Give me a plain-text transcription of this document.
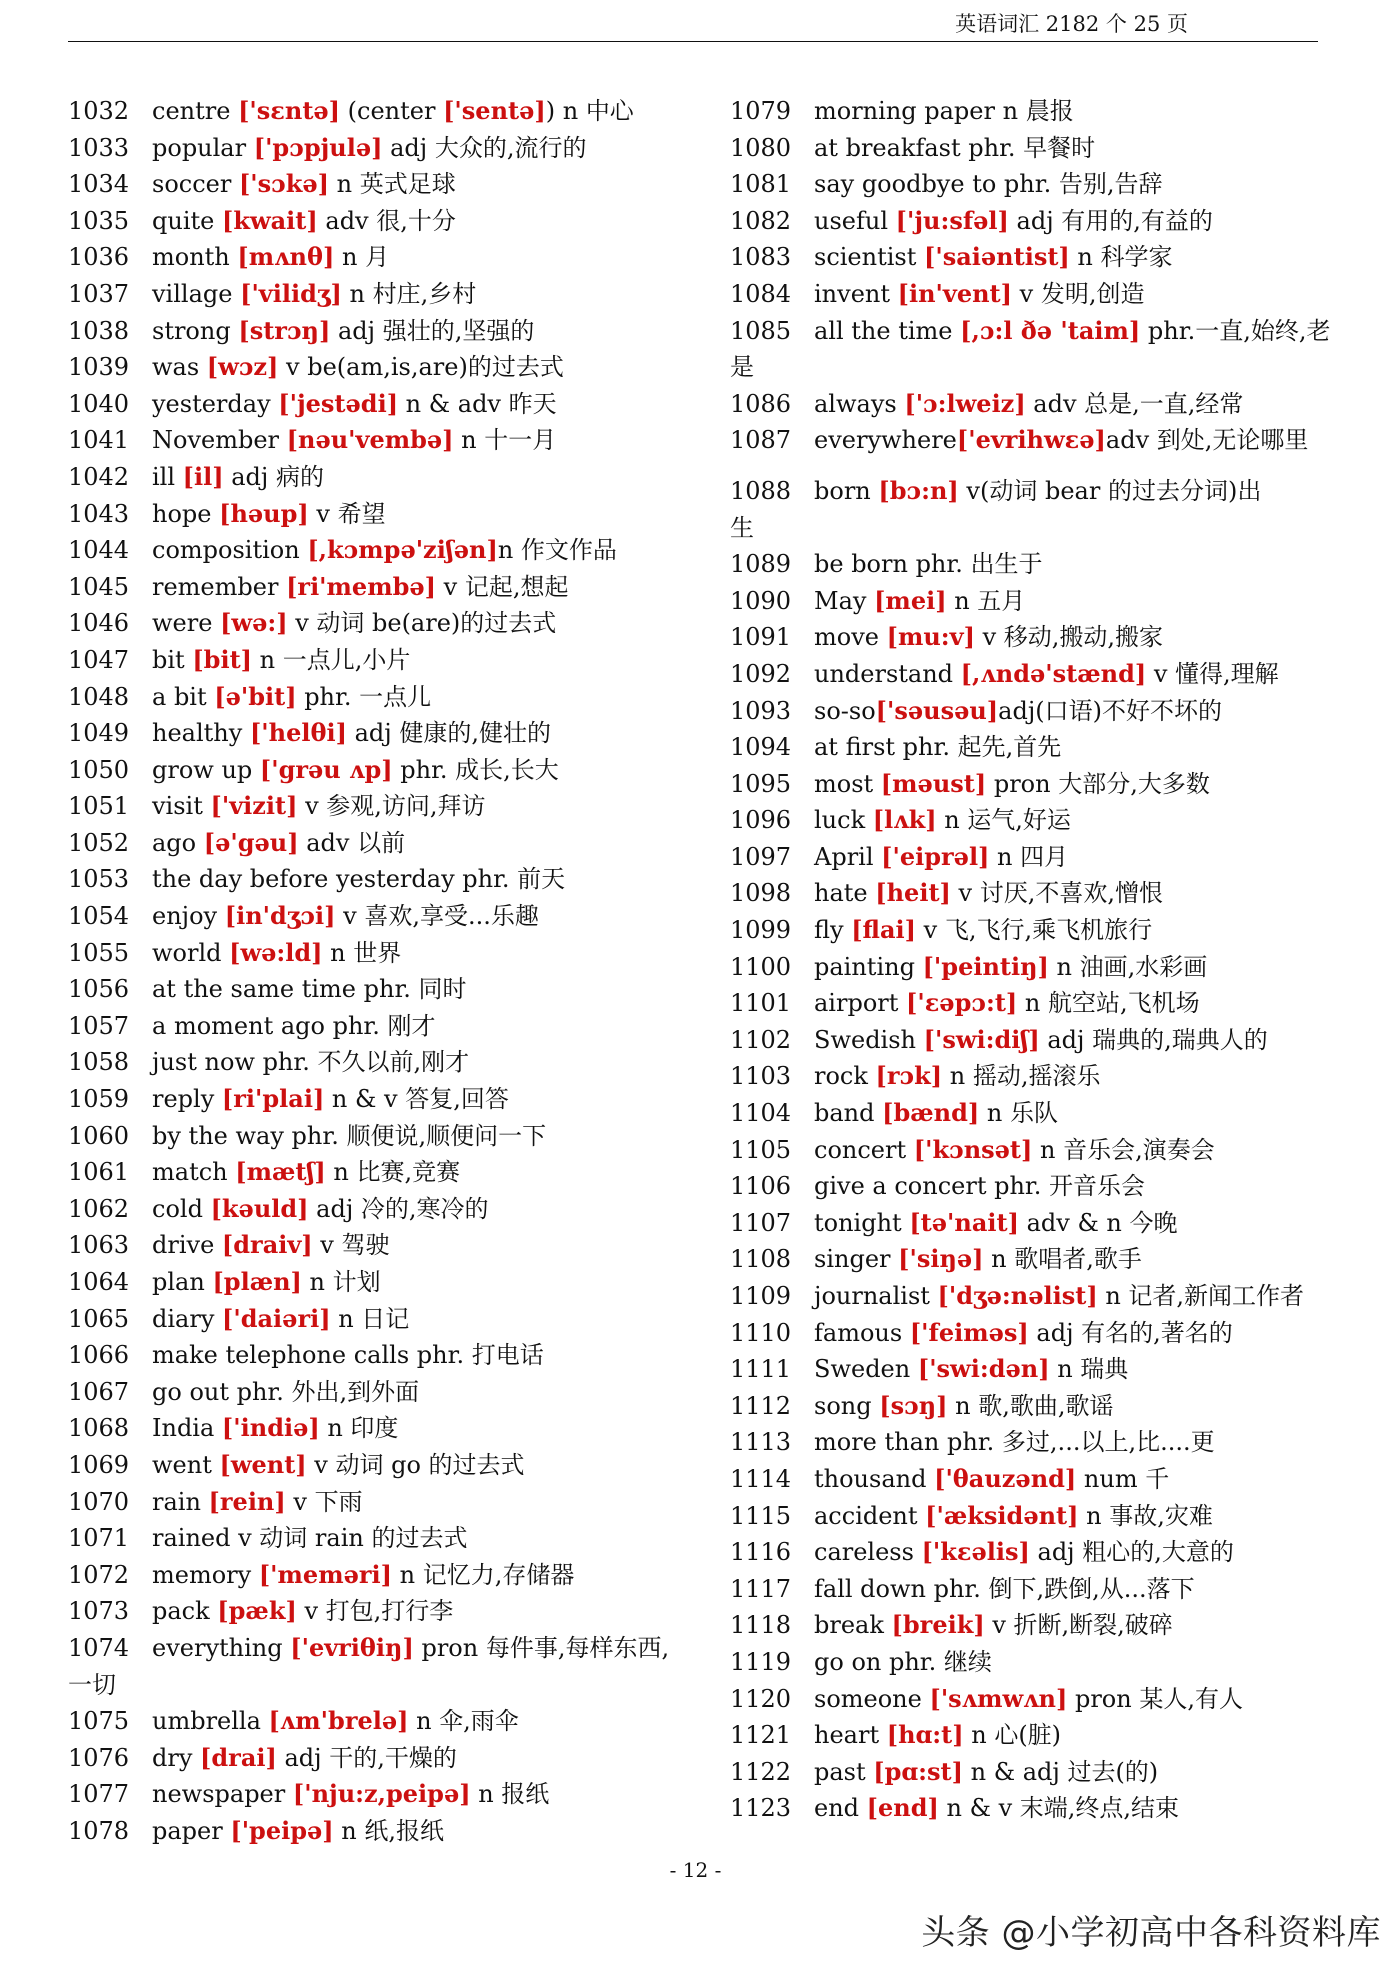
英语词汇 2182 个 25 页
1032 centre ['sɛntə] (center ['sentə]) n 中心
1033 popular ['pɔpjulə] adj 大众的,流行的
1034 soccer ['sɔkə] n 英式足球
1035 quite [kwait] adv 很,十分
1036 month [mʌnθ] n 月
1037 village ['vilidʒ] n 村庄,乡村
1038 strong [strɔŋ] adj 强壮的,坚强的
1039 was [wɔz] v be(am,is,are)的过去式
1040 yesterday ['jestədi] n & adv 昨天
1041 November [nəu'vembə] n 十一月
1042 ill [il] adj 病的
1043 hope [həup] v 希望
1044 composition [,kɔmpə'ziʃən]n 作文作品
1045 remember [ri'membə] v 记起,想起
1046 were [wə:] v 动词 be(are)的过去式
1047 bit [bit] n 一点儿,小片
1048 a bit [ə'bit] phr. 一点儿
1049 healthy ['helθi] adj 健康的,健壮的
1050 grow up ['grəu ʌp] phr. 成长,长大
1051 visit ['vizit] v 参观,访问,拜访
1052 ago [ə'gəu] adv 以前
1053 the day before yesterday phr. 前天
1054 enjoy [in'dʒɔi] v 喜欢,享受...乐趣
1055 world [wə:ld] n 世界
1056 at the same time phr. 同时
1057 a moment ago phr. 刚才
1058 just now phr. 不久以前,刚才
1059 reply [ri'plai] n & v 答复,回答
1060 by the way phr. 顺便说,顺便问一下
1061 match [mætʃ] n 比赛,竞赛
1062 cold [kəuld] adj 冷的,寒冷的
1063 drive [draiv] v 驾驶
1064 plan [plæn] n 计划
1065 diary ['daiəri] n 日记
1066 make telephone calls phr. 打电话
1067 go out phr. 外出,到外面
1068 India ['indiə] n 印度
1069 went [went] v 动词 go 的过去式
1070 rain [rein] v 下雨
1071 rained v 动词 rain 的过去式
1072 memory ['meməri] n 记忆力,存储器
1073 pack [pæk] v 打包,打行李
1074 everything ['evriθiŋ] pron 每件事,每样东西,
一切
1075 umbrella [ʌm'brelə] n 伞,雨伞
1076 dry [drai] adj 干的,干燥的
1077 newspaper ['nju:z,peipə] n 报纸
1078 paper ['peipə] n 纸,报纸
1079 morning paper n 晨报
1080 at breakfast phr. 早餐时
1081 say goodbye to phr. 告别,告辞
1082 useful ['ju:sfəl] adj 有用的,有益的
1083 scientist ['saiəntist] n 科学家
1084 invent [in'vent] v 发明,创造
1085 all the time [,ɔ:l ðə 'taim] phr.一直,始终,老
是
1086 always ['ɔ:lweiz] adv 总是,一直,经常
1087 everywhere['evrihwɛə]adv 到处,无论哪里
1088 born [bɔ:n] v(动词 bear 的过去分词)出
生
1089 be born phr. 出生于
1090 May [mei] n 五月
1091 move [mu:v] v 移动,搬动,搬家
1092 understand [,ʌndə'stænd] v 懂得,理解
1093 so-so['səusəu]adj(口语)不好不坏的
1094 at first phr. 起先,首先
1095 most [məust] pron 大部分,大多数
1096 luck [lʌk] n 运气,好运
1097 April ['eiprəl] n 四月
1098 hate [heit] v 讨厌,不喜欢,憎恨
1099 fly [flai] v 飞,飞行,乘飞机旅行
1100 painting ['peintiŋ] n 油画,水彩画
1101 airport ['ɛəpɔ:t] n 航空站,飞机场
1102 Swedish ['swi:diʃ] adj 瑞典的,瑞典人的
1103 rock [rɔk] n 摇动,摇滚乐
1104 band [bænd] n 乐队
1105 concert ['kɔnsət] n 音乐会,演奏会
1106 give a concert phr. 开音乐会
1107 tonight [tə'nait] adv & n 今晚
1108 singer ['siŋə] n 歌唱者,歌手
1109 journalist ['dʒə:nəlist] n 记者,新闻工作者
1110 famous ['feiməs] adj 有名的,著名的
1111 Sweden ['swi:dən] n 瑞典
1112 song [sɔŋ] n 歌,歌曲,歌谣
1113 more than phr. 多过,...以上,比....更
1114 thousand ['θauzənd] num 千
1115 accident ['æksidənt] n 事故,灾难
1116 careless ['kɛəlis] adj 粗心的,大意的
1117 fall down phr. 倒下,跌倒,从...落下
1118 break [breik] v 折断,断裂,破碎
1119 go on phr. 继续
1120 someone ['sʌmwʌn] pron 某人,有人
1121 heart [hɑ:t] n 心(脏)
1122 past [pɑ:st] n & adj 过去(的)
1123 end [end] n & v 末端,终点,结束
- 12 -
头条 @小学初高中各科资料库
